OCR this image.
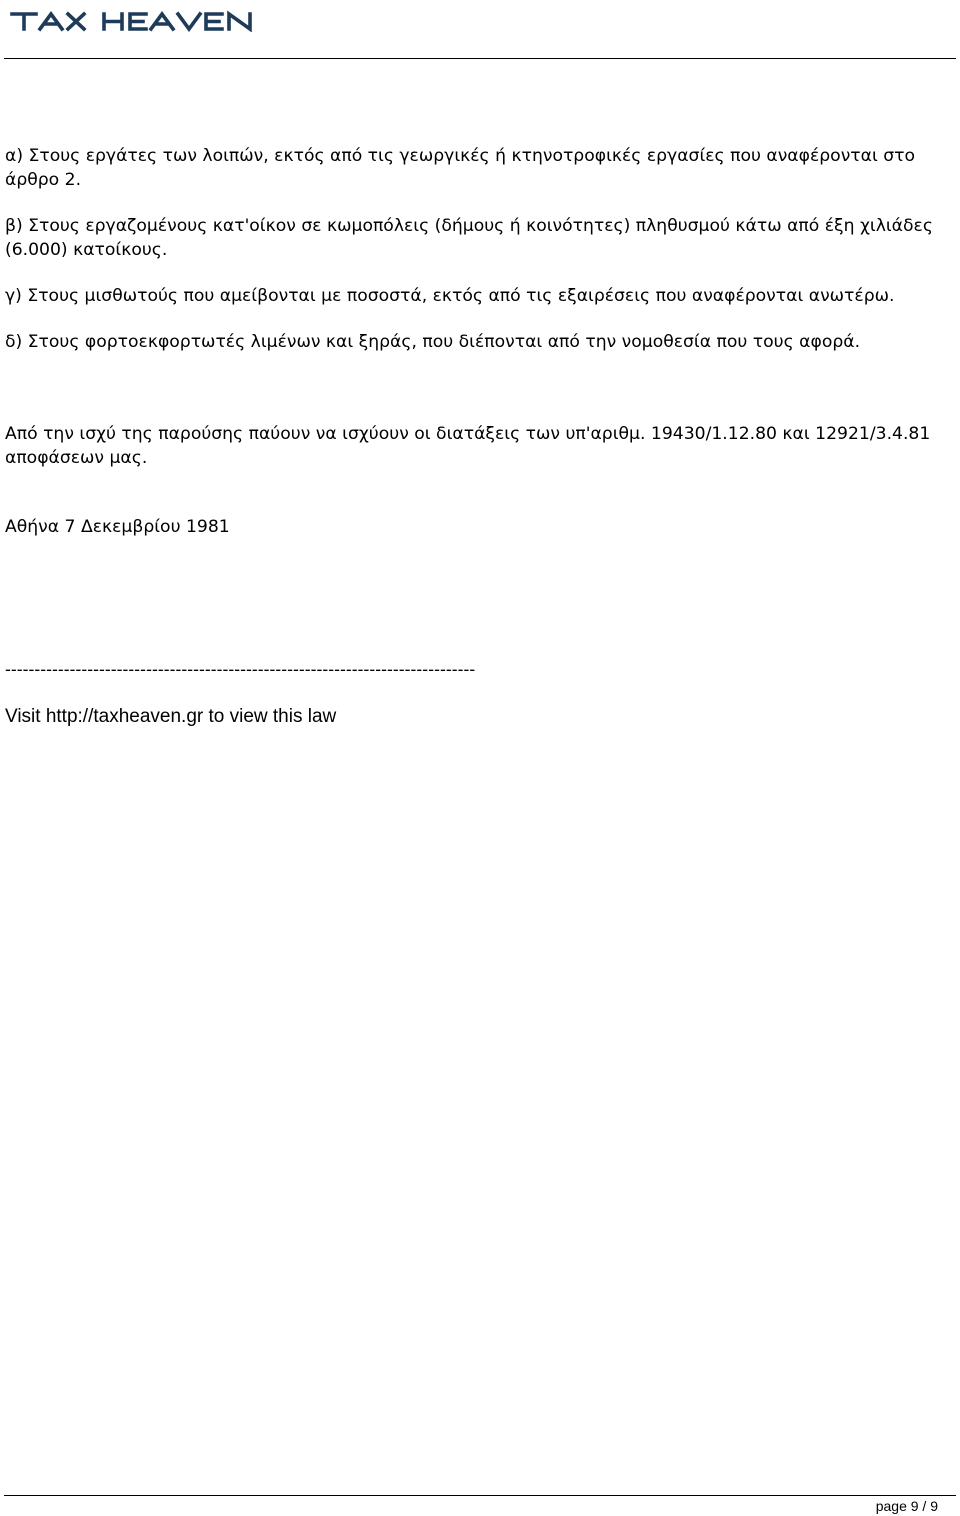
α) Στους εργάτες των λοιπών, εκτός από τις γεωργικές ή κτηνοτροφικές εργασίες που αναφέρονται στο άρθρο 2.

β) Στους εργαζομένους κατ'οίκον σε κωμοπόλεις (δήμους ή κοινότητες) πληθυσμού κάτω από έξη χιλιάδες (6.000) κατοίκους.

γ) Στους μισθωτούς που αμείβονται με ποσοστά, εκτός από τις εξαιρέσεις που αναφέρονται ανωτέρω.

δ) Στους φορτοεκφορτωτές λιμένων και ξηράς, που διέπονται από την νομοθεσία που τους αφορά.

Από την ισχύ της παρούσης παύουν να ισχύουν οι διατάξεις των υπ'αριθμ. 19430/1.12.80 και 12921/3.4.81 αποφάσεων μας.

Αθήνα 7 Δεκεμβρίου 1981

--------------------------------------------------------------------------------
Visit http://taxheaven.gr to view this law
page 9 / 9
